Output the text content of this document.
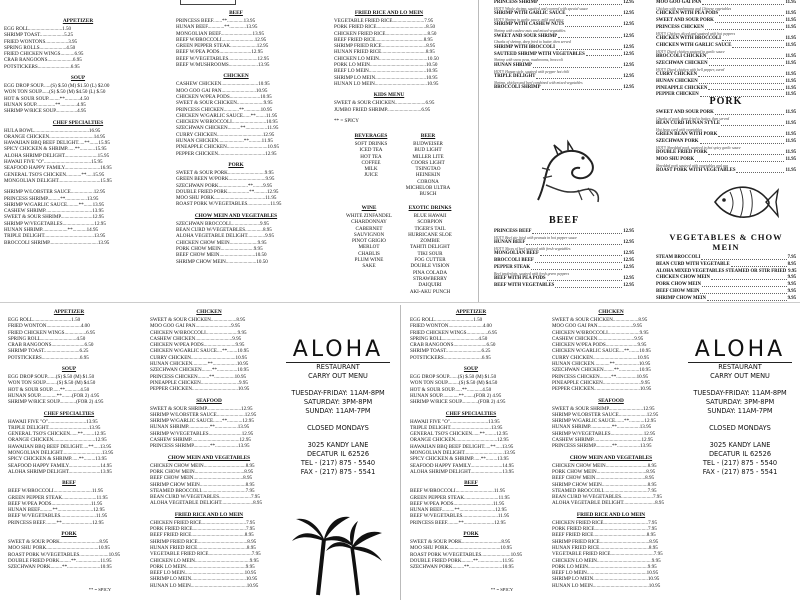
APPETIZER
EGG ROLL..........................1.50
SHRIMP TOAST...................5.25
FRIED WONTONS..................3.95
SPRING ROLLS.....................4.50
FRIED CHICKEN WINGS...........6.95
CRAB RANGOONS....................6.95
POTSTICKERS..........................6.95
SOUP
EGG DROP SOUP......(S) $.50 (M) $1.50 (L) $2.00
WON TON SOUP......(S) $.50 (M) $4.50 (L) $.50
HOT & SOUR SOUP.........**............4.50
HUNAN SOUP...............**.............4.95
SHRIMP W/RICE SOUP.................4.95
CHEF SPECIALTIES
HULA BOWL...........................................16.95
ORANGE CHICKEN...................................14.95
HAWAIIAN BBQ BEEF DELIGHT.....**.......15.95
SPICY CHICKEN & SHRIMP......**............15.95
ALOHA SHRIMP DELIGHT..........................15.95
HAWAII FIVE "O".....................................15.95
SEAFOOD HAPPY FAMILY............................16.95
GENERAL TSO'S CHICKEN............**.....15.95
MONGOLIAN DELIGHT.................................15.95
SHRIMP W/LOBSTER SAUCE..................12.95
PRINCESS SHRIMP..........**.................13.95
SHRIMP W/GARLIC SAUCE.........**.......13.95
CASHEW SHRIMP.....................................13.95
SWEET & SOUR SHRIMP.........................12.95
SHRIMP W/VEGETABLES.........................12.95
HUNAN SHRIMP....................**...........14.95
TRIPLE DELIGHT.......................................13.95
BROCCOLI SHRIMP......................................13.95
BEEF
PRINCESS BEEF.......**.............13.95
HUNAN BEEF.............**.............13.95
MONGOLIAN BEEF.........................13.95
BEEF W/BROCCOLI..........................12.95
GREEN PEPPER STEAK.....................12.95
BEEF W/PEA PODS.........................12.95
BEEF W/VEGETABLES.......................12.95
BEEF W/MUSHROOMS.......................13.95
CHICKEN
CASHEW CHICKEN.............................10.95
MOO GOO GAI PAN...........................10.95
CHICKEN W/PEA PODS........................10.95
SWEET & SOUR CHICKEN.....................9.95
PRINCESS CHICKEN............**.............10.95
CHICKEN W/GARLIC SAUCE......**........11.95
CHICKEN W/BROCCOLI...........................10.95
SZECHWAN CHICKEN..........**.................11.95
CURRY CHICKEN....................................12.95
HUNAN CHICKEN....................**..........11.95
PINEAPPLE CHICKEN................................10.95
PEPPER CHICKEN.....................................12.95
PORK
SWEET & SOUR PORK.............................9.95
GREEN BEEN W/PORK.............................9.95
SZECHWAN PORK.......................**........9.95
DOUBLE FRIED PORK.................**..........12.95
MOO SHU PORK........................................11.95
ROAST PORK W/VEGETABLES..................11.95
CHOW MEIN AND VEGETABLES
SZECHWAN BROCCOLI.......................9.95
BEAN CURD W/VEGETABLES..............8.95
ALOHA VEGETABLE DELIGHT..............9.95
CHICKEN CHOW MEIN......................9.95
PORK CHOW MEIN..........................9.95
BEEF CHOW MEIN............................10.50
SHRIMP CHOW MEIN........................10.50
FRIED RICE AND LO MEIN
VEGETABLE FRIED RICE.........................7.95
PORK FRIED RICE.......................................8.50
CHICKEN FRIED RICE.................................8.50
BEEF FRIED RICE......................................8.95
SHRIMP FRIED RICE...................................8.95
HUNAN FRIED RICE...................................8.95
CHICKEN LO MEIN......................................10.50
PORK LO MEIN............................................10.50
BEEF LO MEIN.............................................10.95
SHRIMP LO MEIN........................................10.95
HUNAN LO MEIN.........................................10.95
KIDS MENU
SWEET & SOUR CHICKEN........................6.95
JUMBO FRIED SHRIMP...........................6.95
** = SPICY
BEVERAGES
SOFT DRINKS
ICED TEA
HOT TEA
COFFEE
MILK
JUICE
BEER
BUDWEISER
BUD LIGHT
MILLER LITE
COORS LIGHT
TSINGTAO
HEINEKIN
CORONA
MICHELOB ULTRA
BUSCH
WINE
WHITE ZINFANDEL
CHARDONNAY
CABERNET
SAUVIGNON
PINOT GRIGIO
MERLOT
CHABLIS
PLUM WINE
SAKE
EXOTIC DRINKS
BLUE HAWAII
SCORPION
TIGER'S TAIL
HURRICANE SLOE
ZOMBIE
TAHITI DELIGHT
TIKI SOUR
FOG CUTTER
DOUBLE VISION
PINA COLADA
STRAWBERRY
DAIQUIRI
AKI-AKU PUNCH
PRINCESS SHRIMP	12.95
HOT!! Whole shrimp, sautéed and covered with special sauce
SHRIMP WITH GARLIC SAUCE	12.95
HOT!! Shrimp in garlic sauce, mild and spicy
SHRIMP WITH CASHEW NUTS	12.95
Shrimp with cashew nuts and mixed vegetables
SWEET AND SOUR SHRIMP	12.95
Chunks of shrimp, deep fried to batter, then served
SHRIMP WITH BROCCOLI	12.95
SAUTEED SHRIMP WITH VEGETABLES	12.95
Shrimp with snow peas, mushrooms, broccoli
HUNAN SHRIMP	12.95
HOT!! Hunan style, sauteed with pepper hot chili
TRIPLE DELIGHT	12.95
Shrimp, chicken and beef combined with mixed vegetables
BROCCOLI SHRIMP	12.95
BEEF
PRINCESS BEEF	12.95
HOT!! Beef stir fried with peanuts in hot pepper sauce
HUNAN BEEF	12.95
HOT!! Slices of beef sauteed with fresh vegetables
MONGOLIAN BEEF	12.95
BROCCOLI BEEF	12.95
PEPPER STEAK	12.95
Beef tenderloin, sauteed with fresh green peppers
BEEF WITH PEA PODS	12.95
BEEF WITH VEGETABLES	12.95
MOO GOO GAI PAN	11.95
Chicken with mushrooms and Chinese vegetables
CHICKEN WITH PEA PODS	11.95
SWEET AND SOUR PORK	11.95
PRINCESS CHICKEN	11.95
HOT!! Chicken, diced and sauteed with hot peppers
CHICKEN WITH BROCCOLI	11.95
CHICKEN WITH GARLIC SAUCE	11.95
HOT!! Diced chicken sauteed in garlic sauce
BROCCOLI CHICKEN	11.95
SZECHWAN CHICKEN	11.95
HOT!! Diced chicken with bell pepper, cured
CURRY CHICKEN	11.95
HUNAN CHICKEN	11.95
PINEAPPLE CHICKEN	11.95
PEPPER CHICKEN	11.95
PORK
SWEET AND SOUR PORK	11.95
Chunks of pork, deep fried to batter, then served
BEAN CURD HUNAN STYLE	11.95
Hot bean curd with vegetables
GREEN BEAN WITH PORK	11.95
SZECHWAN PORK	11.95
HOT!! Shredded pork, sauteed in hot spicy garlic sauce
DOUBLE FRIED PORK	11.95
MOO SHU PORK	11.95
Shredded pork sauteed with vegetables and egg
ROAST PORK WITH VEGETABLES	11.95
VEGETABLES & CHOW MEIN
STEAM BROCCOLI	7.95
BEAN CURD WITH VEGETABLE	8.95
ALOHA MIXED VEGETABLES STEAMED OR STIR FRIED 9.95
CHICKEN CHOW MEIN	9.95
PORK CHOW MEIN	9.95
BEEF CHOW MEIN	9.95
SHRIMP CHOW MEIN	9.95
APPETIZER
EGG ROLL..............................1.50
FRIED WONTON...........................4.00
FRIED CHICKEN WINGS.................6.95
SPRING ROLL............................4.50
CRAB RANGOONS..........................6.50
SHRIMP TOAST............................6.25
POTSTICKERS..............................6.95
SOUP
EGG DROP SOUP.......(S) $.50 (M) $1.50
WON TON SOUP.........(S) $.50 (M) $4.50
HOT & SOUR SOUP......**............4.50
HUNAN SOUP.............**........(FOR 2) 4.95
SHRIMP W/RICE SOUP.............(FOR 2) 4.95
CHEF SPECIALTIES
HAWAII FIVE "O"..............................13.95
TRIPLE DELIGHT................................13.95
GENERAL TSO'S CHICKEN......**.........12.95
ORANGE CHICKEN.................................12.95
HAWAIIAN BBQ BEEF DELIGHT.....**.....13.95
MONGOLIAN DELIGHT...............................13.95
SPICY CHICKEN & SHRIMP......**.........13.95
SEAFOOD HAPPY FAMILY.........................14.95
ALOHA SHRIMP DELIGHT.........................13.95
BEEF
BEEF W/BROCCOLI..............................11.95
GREEN PEPPER STEAK...........................11.95
BEEF W/PEA PODS...............................11.95
HUNAN BEEF..........**............................12.95
BEEF W/VEGETABLES............................11.95
PRINCESS BEEF.........**........................12.95
PORK
SWEET & SOUR PORK...............................8.95
MOO SHU PORK.........................................10.95
ROAST PORK W/VEGETABLES.......................10.95
DOUBLE FRIED PORK.........**...................11.95
SZECHWAN PORK.........**..........................10.95
CHICKEN
SWEET & SOUR CHICKEN....................8.95
MOO GOO GAI PAN............................9.95
CHICKEN W/BROCCOLI.........................9.95
CASHEW CHICKEN.............................9.95
CHICKEN W/PEA PODS.........................9.95
CHICKEN W/GARLIC SAUCE....**........10.95
CURRY CHICKEN...................................10.95
HUNAN CHICKEN............**...................10.95
SZECHWAN CHICKEN........**................10.95
PRINCESS CHICKEN.........**................10.95
PINEAPPLE CHICKEN..............................9.95
PEPPER CHICKEN....................................10.95
SEAFOOD
SWEET & SOUR SHRIMP...........................12.95
SHRIMP W/LOBSTER SAUCE......................12.95
SHRIMP W/GARLIC SAUCE.......**............12.95
HUNAN SHRIMP.................**..................13.95
SHRIMP W/VEGETABLES..........................12.95
CASHEW SHRIMP......................................12.95
PRINCESS SHRIMP.............**..................13.95
CHOW MEIN AND VEGETABLES
CHICKEN CHOW MEIN.................................8.95
PORK CHOW MEIN.......................................8.95
BEEF CHOW MEIN.......................................8.95
SHRIMP CHOW MEIN....................................8.95
STEAMED BROCCOLI...................................7.95
BEAN CURD W/VEGETABLES.........................7.95
ALOHA VEGETABLE DELIGHT.........................8.95
FRIED RICE AND LO MEIN
CHICKEN FRIED RICE...................................7.95
PORK FRIED RICE..........................................7.95
BEEF FRIED RICE..........................................8.95
SHRIMP FRIED RICE.......................................8.95
HUNAN FRIED RICE.......................................8.95
VEGETABLE FRIED RICE..................................7.95
CHICKEN LO MEIN...........................................9.95
PORK LO MEIN...............................................9.95
BEEF LO MEIN...............................................10.95
SHRIMP LO MEIN...........................................10.95
HUNAN LO MEIN............................................10.95
ALOHA
RESTAURANT
CARRY OUT MENU
TUESDAY-FRIDAY: 11AM-8PM
SATURDAY: 3PM-8PM
SUNDAY: 11AM-7PM
CLOSED MONDAYS
3025 KANDY LANE
DECATUR IL 62526
TEL - (217) 875 - 5540
FAX - (217) 875 - 5541
** = SPICY
APPETIZER
EGG ROLL..............................1.50
FRIED WONTON...........................4.00
FRIED CHICKEN WINGS.................6.95
SPRING ROLL............................4.50
CRAB RANGOONS..........................6.50
SHRIMP TOAST............................6.25
POTSTICKERS..............................6.95
SOUP
EGG DROP SOUP.......(S) $.50 (M) $1.50
WON TON SOUP.........(S) $.50 (M) $4.50
HOT & SOUR SOUP......**............4.50
HUNAN SOUP.............**........(FOR 2) 4.95
SHRIMP W/RICE SOUP.............(FOR 2) 4.95
CHEF SPECIALTIES
HAWAII FIVE "O"..............................13.95
TRIPLE DELIGHT................................13.95
GENERAL TSO'S CHICKEN......**.........12.95
ORANGE CHICKEN.................................12.95
HAWAIIAN BBQ BEEF DELIGHT.....**.....13.95
MONGOLIAN DELIGHT...............................13.95
SPICY CHICKEN & SHRIMP......**.........13.95
SEAFOOD HAPPY FAMILY.........................14.95
ALOHA SHRIMP DELIGHT.........................13.95
BEEF
BEEF W/BROCCOLI..............................11.95
GREEN PEPPER STEAK...........................11.95
BEEF W/PEA PODS...............................11.95
HUNAN BEEF..........**............................12.95
BEEF W/VEGETABLES............................11.95
PRINCESS BEEF.........**........................12.95
PORK
SWEET & SOUR PORK...............................8.95
MOO SHU PORK.........................................10.95
ROAST PORK W/VEGETABLES.......................10.95
DOUBLE FRIED PORK.........**...................11.95
SZECHWAN PORK.........**..........................10.95
CHICKEN
SWEET & SOUR CHICKEN....................8.95
MOO GOO GAI PAN............................9.95
CHICKEN W/BROCCOLI.........................9.95
CASHEW CHICKEN.............................9.95
CHICKEN W/PEA PODS.........................9.95
CHICKEN W/GARLIC SAUCE....**........10.95
CURRY CHICKEN...................................10.95
HUNAN CHICKEN............**...................10.95
SZECHWAN CHICKEN........**................10.95
PRINCESS CHICKEN.........**................10.95
PINEAPPLE CHICKEN..............................9.95
PEPPER CHICKEN....................................10.95
SEAFOOD
SWEET & SOUR SHRIMP...........................12.95
SHRIMP W/LOBSTER SAUCE......................12.95
SHRIMP W/GARLIC SAUCE.......**............12.95
HUNAN SHRIMP.................**..................13.95
SHRIMP W/VEGETABLES..........................12.95
CASHEW SHRIMP......................................12.95
PRINCESS SHRIMP.............**..................13.95
CHOW MEIN AND VEGETABLES
CHICKEN CHOW MEIN.................................8.95
PORK CHOW MEIN.......................................8.95
BEEF CHOW MEIN.......................................8.95
SHRIMP CHOW MEIN....................................8.95
STEAMED BROCCOLI...................................7.95
BEAN CURD W/VEGETABLES.........................7.95
ALOHA VEGETABLE DELIGHT.........................8.95
FRIED RICE AND LO MEIN
CHICKEN FRIED RICE...................................7.95
PORK FRIED RICE..........................................7.95
BEEF FRIED RICE..........................................8.95
SHRIMP FRIED RICE.......................................8.95
HUNAN FRIED RICE.......................................8.95
VEGETABLE FRIED RICE..................................7.95
CHICKEN LO MEIN...........................................9.95
PORK LO MEIN...............................................9.95
BEEF LO MEIN...............................................10.95
SHRIMP LO MEIN...........................................10.95
HUNAN LO MEIN............................................10.95
ALOHA
RESTAURANT
CARRY OUT MENU
TUESDAY-FRIDAY: 11AM-8PM
SATURDAY: 3PM-8PM
SUNDAY: 11AM-7PM
CLOSED MONDAYS
3025 KANDY LANE
DECATUR IL 62526
TEL - (217) 875 - 5540
FAX - (217) 875 - 5541
** = SPICY
